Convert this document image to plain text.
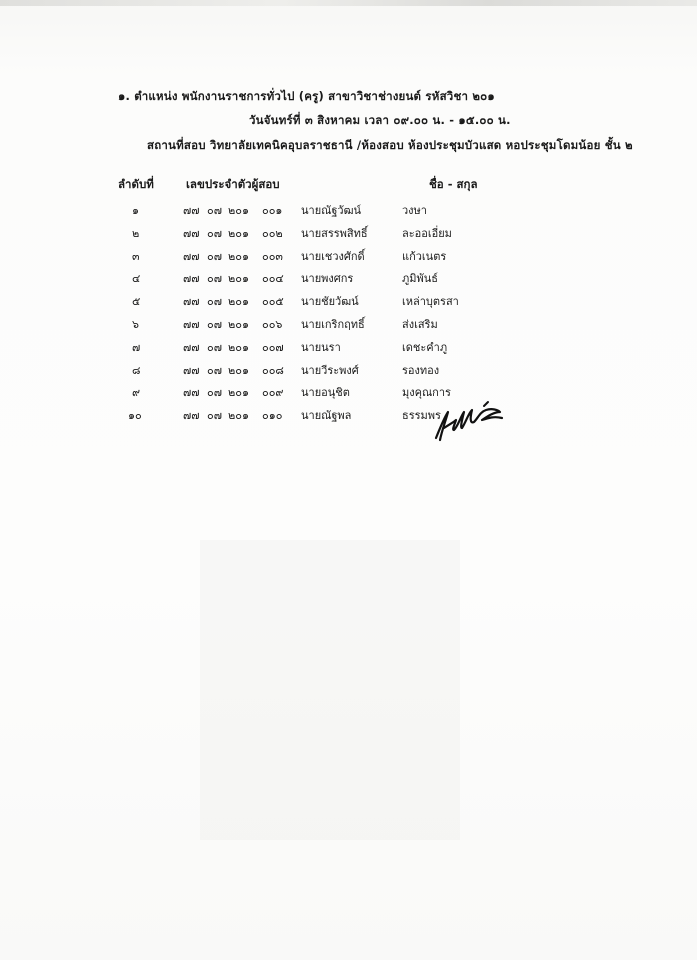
๑. ตำแหน่ง พนักงานราชการทั่วไป (ครู) สาขาวิชาช่างยนต์ รหัสวิชา ๒๐๑
วันจันทร์ที่ ๓ สิงหาคม เวลา ๐๙.๐๐ น. - ๑๕.๐๐ น.
สถานที่สอบ วิทยาลัยเทคนิคอุบลราชธานี /ห้องสอบ ห้องประชุมบัวแสด หอประชุมโดมน้อย ชั้น ๒
ลำดับที่	เลขประจำตัวผู้สอบ	ชื่อ - สกุล
๑	๗๗ ๐๗ ๒๐๑ ๐๐๑ นายณัฐวัฒน์	วงษา
๒	๗๗ ๐๗ ๒๐๑ ๐๐๒ นายสรรพสิทธิ์	ละออเอี่ยม
๓	๗๗ ๐๗ ๒๐๑ ๐๐๓ นายเชวงศักดิ์	แก้วเนตร
๔	๗๗ ๐๗ ๒๐๑ ๐๐๔ นายพงศกร	ภูมิพันธ์
๕	๗๗ ๐๗ ๒๐๑ ๐๐๕ นายชัยวัฒน์	เหล่าบุตรสา
๖	๗๗ ๐๗ ๒๐๑ ๐๐๖ นายเกริกฤทธิ์	ส่งเสริม
๗	๗๗ ๐๗ ๒๐๑ ๐๐๗ นายนรา	เดชะคำภู
๘	๗๗ ๐๗ ๒๐๑ ๐๐๘ นายวีระพงศ์	รองทอง
๙	๗๗ ๐๗ ๒๐๑ ๐๐๙ นายอนุชิต	มุงคุณการ
๑๐	๗๗ ๐๗ ๒๐๑ ๐๑๐ นายณัฐพล	ธรรมพร
